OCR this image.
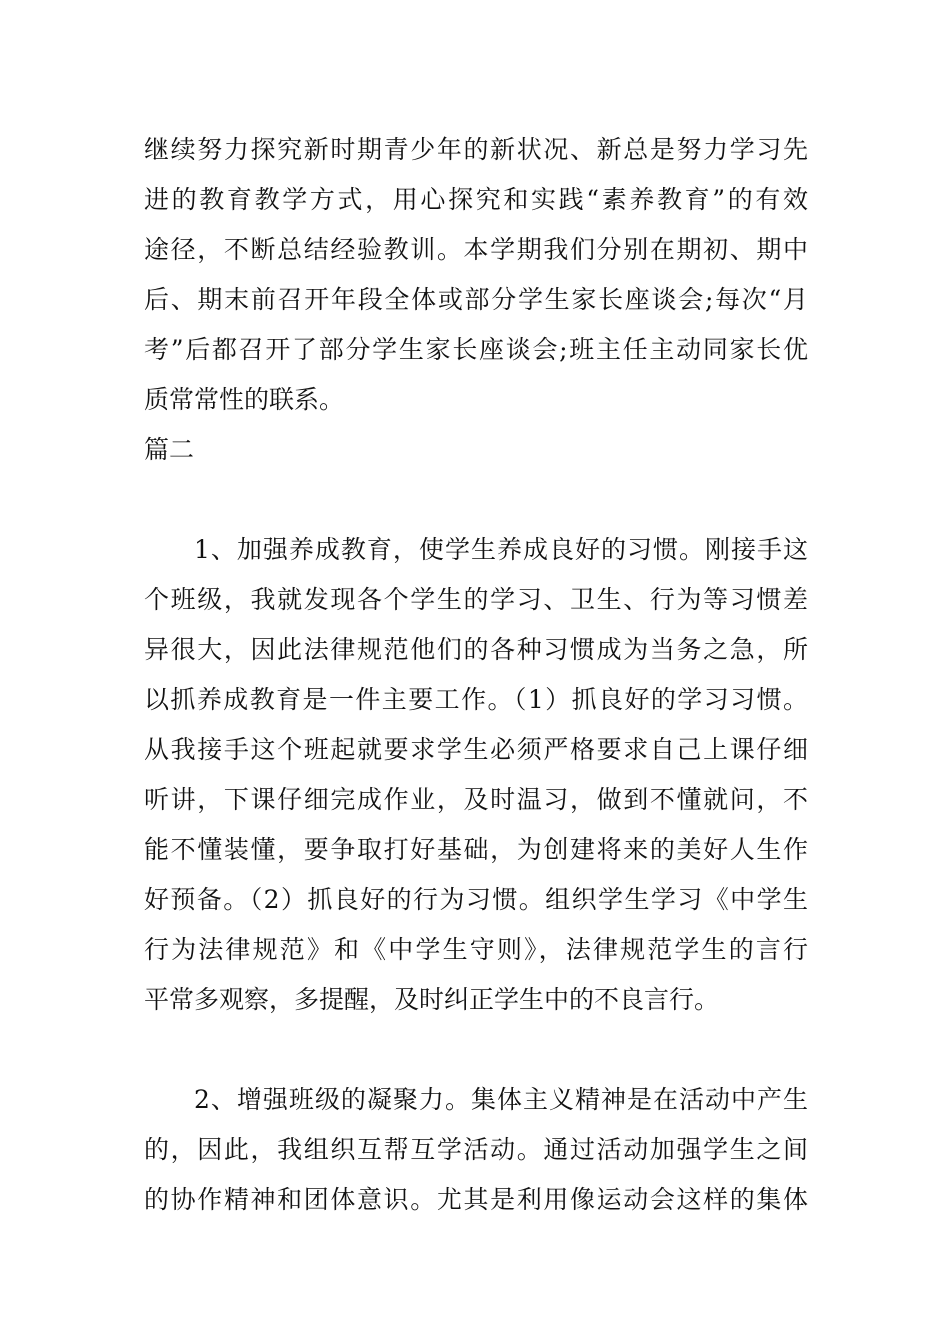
继续努力探究新时期青少年的新状况、新总是努力学习先
进的教育教学方式，用心探究和实践“素养教育”的有效
途径，不断总结经验教训。本学期我们分别在期初、期中
后、期末前召开年段全体或部分学生家长座谈会;每次“月
考”后都召开了部分学生家长座谈会;班主任主动同家长优
质常常性的联系。
篇二
1、加强养成教育，使学生养成良好的习惯。刚接手这
个班级，我就发现各个学生的学习、卫生、行为等习惯差
异很大，因此法律规范他们的各种习惯成为当务之急，所
以抓养成教育是一件主要工作。（1）抓良好的学习习惯。
从我接手这个班起就要求学生必须严格要求自己上课仔细
听讲，下课仔细完成作业，及时温习，做到不懂就问，不
能不懂装懂，要争取打好基础，为创建将来的美好人生作
好预备。（2）抓良好的行为习惯。组织学生学习《中学生
行为法律规范》和《中学生守则》，法律规范学生的言行
平常多观察，多提醒，及时纠正学生中的不良言行。
2、增强班级的凝聚力。集体主义精神是在活动中产生
的，因此，我组织互帮互学活动。通过活动加强学生之间
的协作精神和团体意识。尤其是利用像运动会这样的集体
